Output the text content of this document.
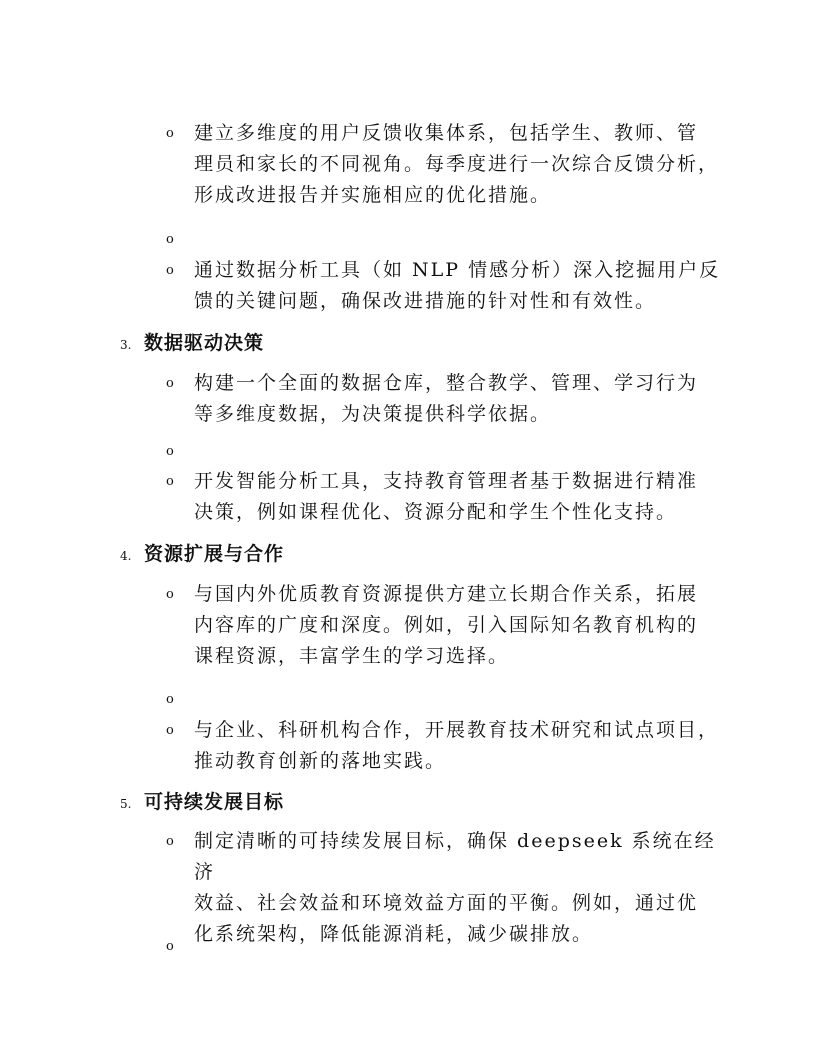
o	建立多维度的用户反馈收集体系，包括学生、教师、管
理员和家长的不同视角。每季度进行一次综合反馈分析，
形成改进报告并实施相应的优化措施。
o
o	通过数据分析工具（如 NLP 情感分析）深入挖掘用户反
馈的关键问题，确保改进措施的针对性和有效性。
3. 数据驱动决策
o	构建一个全面的数据仓库，整合教学、管理、学习行为
等多维度数据，为决策提供科学依据。
o
o	开发智能分析工具，支持教育管理者基于数据进行精准
决策，例如课程优化、资源分配和学生个性化支持。
4. 资源扩展与合作
o	与国内外优质教育资源提供方建立长期合作关系，拓展
内容库的广度和深度。例如，引入国际知名教育机构的
课程资源，丰富学生的学习选择。
o
o	与企业、科研机构合作，开展教育技术研究和试点项目，
推动教育创新的落地实践。
5. 可持续发展目标
o	制定清晰的可持续发展目标，确保 deepseek 系统在经济
效益、社会效益和环境效益方面的平衡。例如，通过优
化系统架构，降低能源消耗，减少碳排放。
o
